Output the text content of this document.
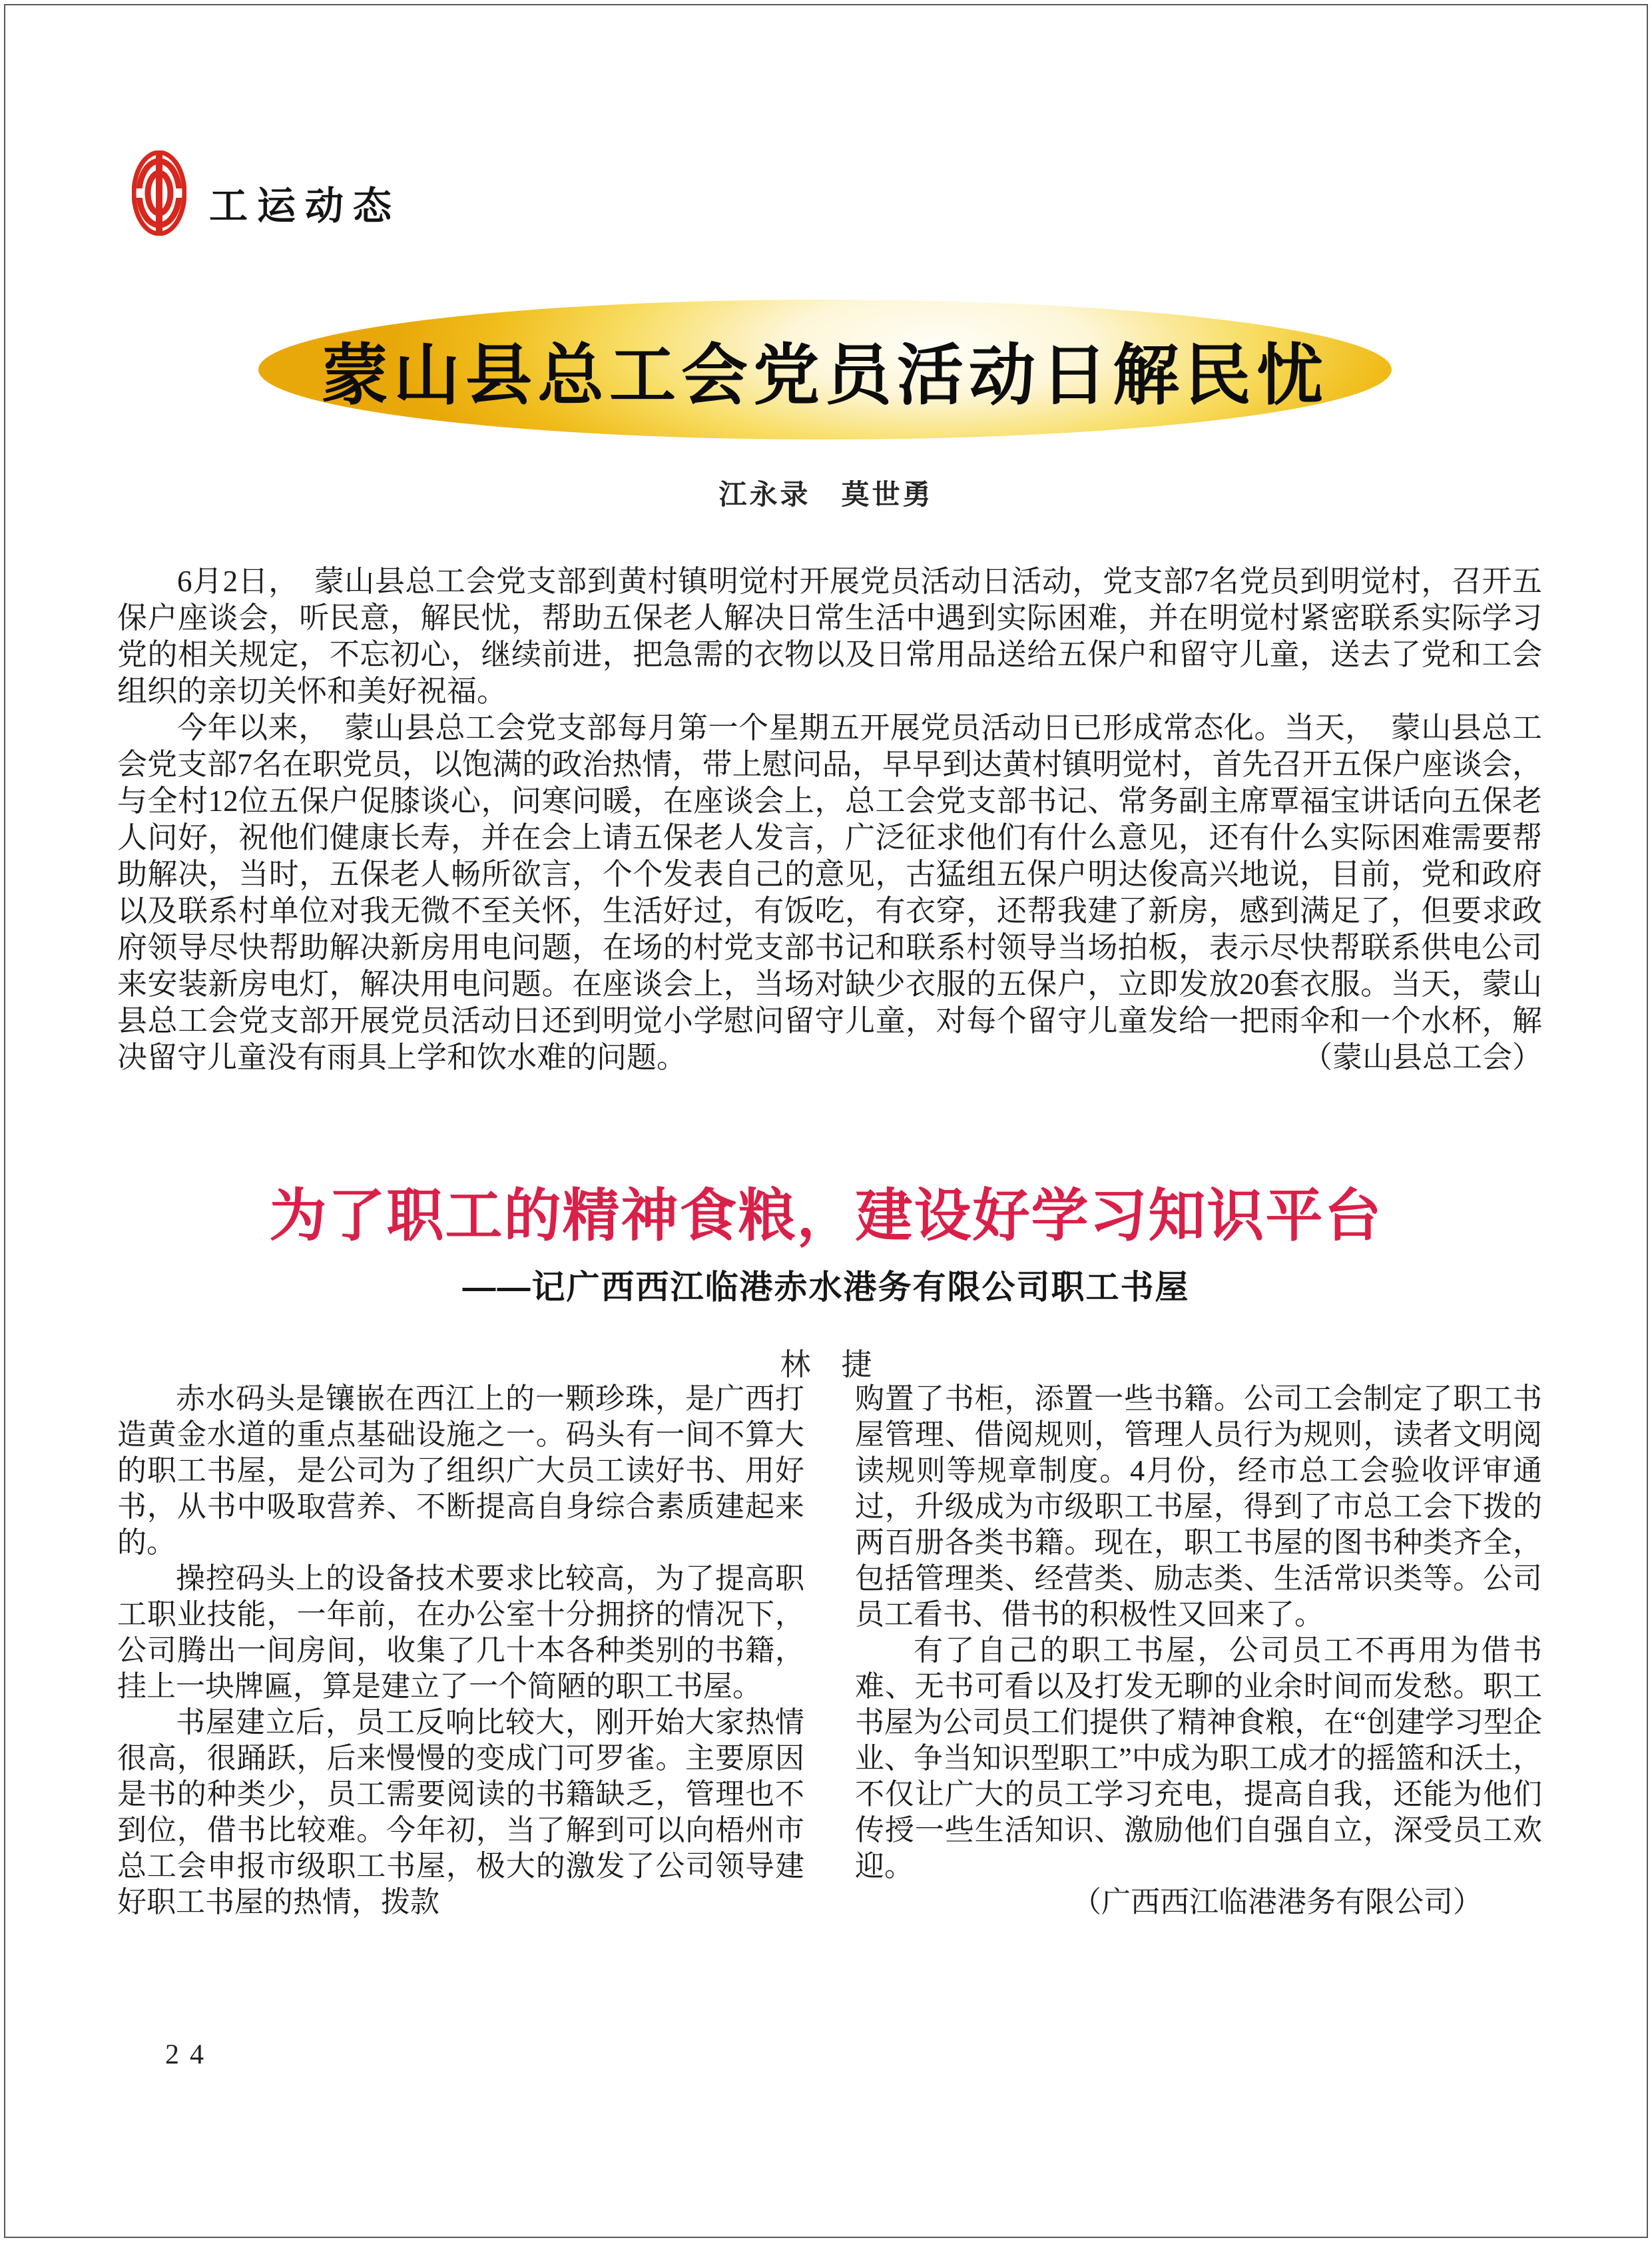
工运动态
蒙山县总工会党员活动日解民忧
江永录　莫世勇

6月2日，　蒙山县总工会党支部到黄村镇明觉村开展党员活动日活动，党支部7名党员到明觉村，召开五保户座谈会，听民意，解民忧，帮助五保老人解决日常生活中遇到实际困难，并在明觉村紧密联系实际学习党的相关规定，不忘初心，继续前进，把急需的衣物以及日常用品送给五保户和留守儿童，送去了党和工会组织的亲切关怀和美好祝福。

今年以来，　蒙山县总工会党支部每月第一个星期五开展党员活动日已形成常态化。当天，　蒙山县总工会党支部7名在职党员，以饱满的政治热情，带上慰问品，早早到达黄村镇明觉村，首先召开五保户座谈会，与全村12位五保户促膝谈心，问寒问暖，在座谈会上，总工会党支部书记、常务副主席覃福宝讲话向五保老人问好，祝他们健康长寿，并在会上请五保老人发言，广泛征求他们有什么意见，还有什么实际困难需要帮助解决，当时，五保老人畅所欲言，个个发表自己的意见，古猛组五保户明达俊高兴地说，目前，党和政府以及联系村单位对我无微不至关怀，生活好过，有饭吃，有衣穿，还帮我建了新房，感到满足了，但要求政府领导尽快帮助解决新房用电问题，在场的村党支部书记和联系村领导当场拍板，表示尽快帮联系供电公司来安装新房电灯，解决用电问题。在座谈会上，当场对缺少衣服的五保户，立即发放20套衣服。当天，蒙山县总工会党支部开展党员活动日还到明觉小学慰问留守儿童，对每个留守儿童发给一把雨伞和一个水杯，解决留守儿童没有雨具上学和饮水难的问题。	（蒙山县总工会）

为了职工的精神食粮，建设好学习知识平台
——记广西西江临港赤水港务有限公司职工书屋
林　捷

赤水码头是镶嵌在西江上的一颗珍珠，是广西打造黄金水道的重点基础设施之一。码头有一间不算大的职工书屋，是公司为了组织广大员工读好书、用好书，从书中吸取营养、不断提高自身综合素质建起来的。

操控码头上的设备技术要求比较高，为了提高职工职业技能，一年前，在办公室十分拥挤的情况下，公司腾出一间房间，收集了几十本各种类别的书籍，挂上一块牌匾，算是建立了一个简陋的职工书屋。

书屋建立后，员工反响比较大，刚开始大家热情很高，很踊跃，后来慢慢的变成门可罗雀。主要原因是书的种类少，员工需要阅读的书籍缺乏，管理也不到位，借书比较难。今年初，当了解到可以向梧州市总工会申报市级职工书屋，极大的激发了公司领导建好职工书屋的热情，拨款

购置了书柜，添置一些书籍。公司工会制定了职工书屋管理、借阅规则，管理人员行为规则，读者文明阅读规则等规章制度。4月份，经市总工会验收评审通过，升级成为市级职工书屋，得到了市总工会下拨的两百册各类书籍。现在，职工书屋的图书种类齐全，包括管理类、经营类、励志类、生活常识类等。公司员工看书、借书的积极性又回来了。

有了自己的职工书屋，公司员工不再用为借书难、无书可看以及打发无聊的业余时间而发愁。职工书屋为公司员工们提供了精神食粮，在“创建学习型企业、争当知识型职工”中成为职工成才的摇篮和沃土，不仅让广大的员工学习充电，提高自我，还能为他们传授一些生活知识、激励他们自强自立，深受员工欢迎。

（广西西江临港港务有限公司）

24
